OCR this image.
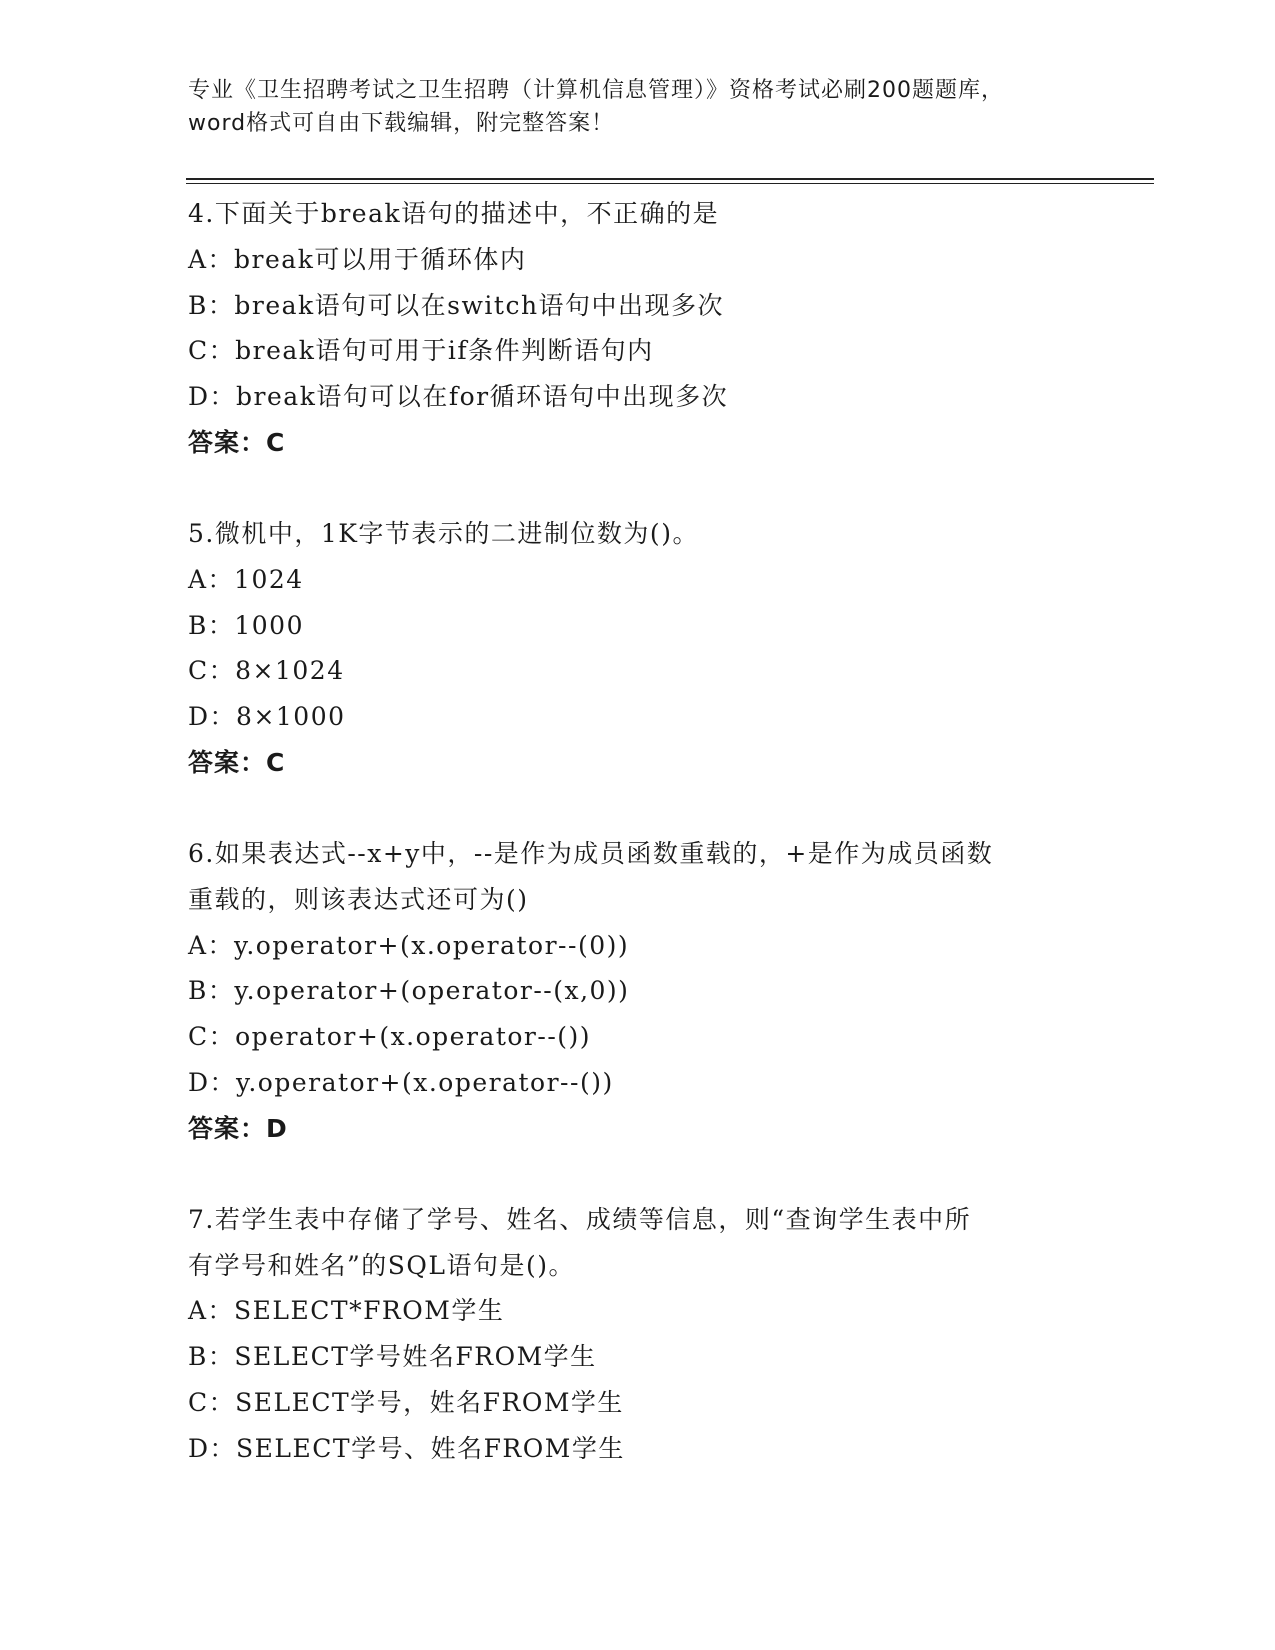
专业《卫生招聘考试之卫生招聘（计算机信息管理）》资格考试必刷200题题库，
word格式可自由下载编辑，附完整答案！
4.下面关于break语句的描述中，不正确的是
A：break可以用于循环体内
B：break语句可以在switch语句中出现多次
C：break语句可用于if条件判断语句内
D：break语句可以在for循环语句中出现多次
答案：C
5.微机中，1K字节表示的二进制位数为()。
A：1024
B：1000
C：8×1024
D：8×1000
答案：C
6.如果表达式--x+y中，--是作为成员函数重载的，+是作为成员函数
重载的，则该表达式还可为()
A：y.operator+(x.operator--(0))
B：y.operator+(operator--(x,0))
C：operator+(x.operator--())
D：y.operator+(x.operator--())
答案：D
7.若学生表中存储了学号、姓名、成绩等信息，则“查询学生表中所
有学号和姓名”的SQL语句是()。
A：SELECT*FROM学生
B：SELECT学号姓名FROM学生
C：SELECT学号，姓名FROM学生
D：SELECT学号、姓名FROM学生
